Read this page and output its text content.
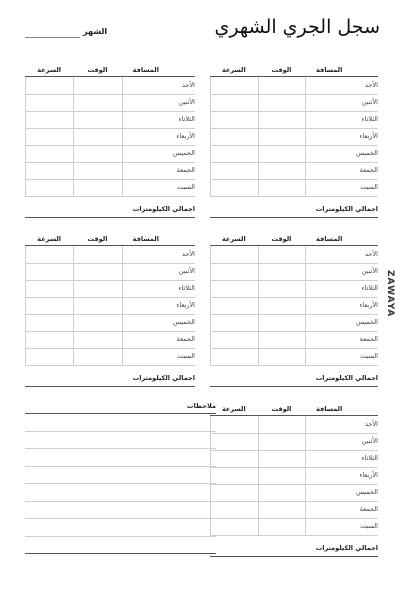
سجل الجري الشهري
الشهر
ZAWAYA
المسافة
الوقت
السرعة
الأحد
الأثنين
الثلاثاء
الأربعاء
الخميس
الجمعة
السبت
اجمالي الكيلومترات
المسافة
الوقت
السرعة
الأحد
الأثنين
الثلاثاء
الأربعاء
الخميس
الجمعة
السبت
اجمالي الكيلومترات
المسافة
الوقت
السرعة
الأحد
الأثنين
الثلاثاء
الأربعاء
الخميس
الجمعة
السبت
اجمالي الكيلومترات
المسافة
الوقت
السرعة
الأحد
الأثنين
الثلاثاء
الأربعاء
الخميس
الجمعة
السبت
اجمالي الكيلومترات
المسافة
الوقت
السرعة
الأحد
الأثنين
الثلاثاء
الأربعاء
الخميس
الجمعة
السبت
اجمالي الكيلومترات
ملاحظات
